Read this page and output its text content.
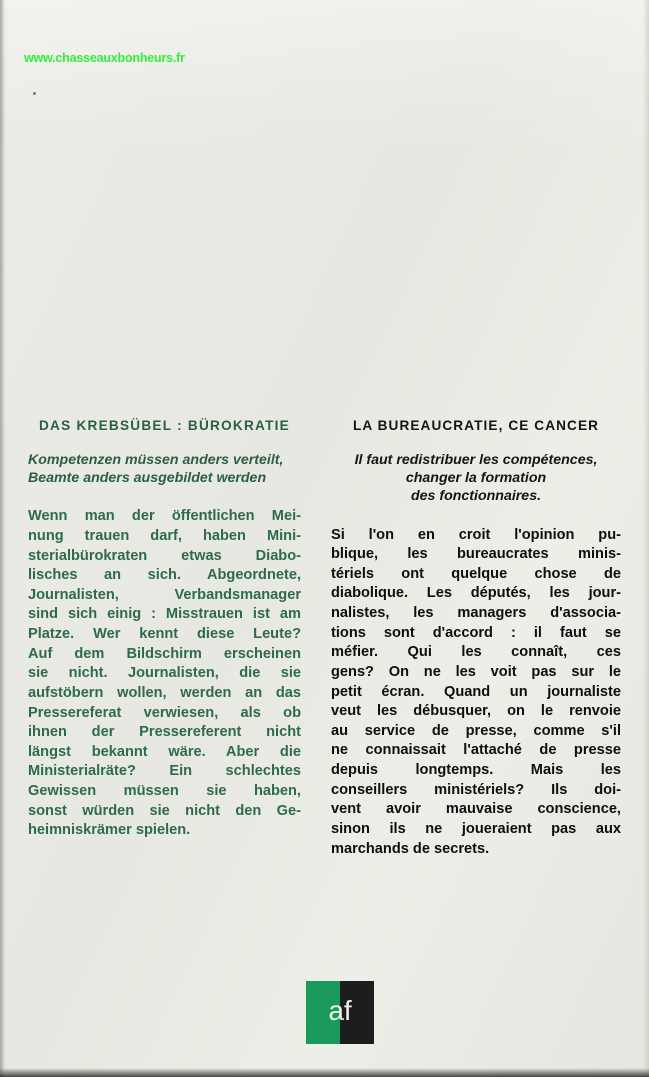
www.chasseauxbonheurs.fr
DAS KREBSÜBEL : BÜROKRATIE
Kompetenzen müssen anders verteilt,
Beamte anders ausgebildet werden

Wenn man der öffentlichen Mei-
nung trauen darf, haben Mini-
sterialbürokraten etwas Diabo-
lisches an sich. Abgeordnete,
Journalisten, Verbandsmanager
sind sich einig : Misstrauen ist am
Platze. Wer kennt diese Leute?
Auf dem Bildschirm erscheinen
sie nicht. Journalisten, die sie
aufstöbern wollen, werden an das
Pressereferat verwiesen, als ob
ihnen der Pressereferent nicht
längst bekannt wäre. Aber die
Ministerialräte? Ein schlechtes
Gewissen müssen sie haben,
sonst würden sie nicht den Ge-
heimniskrämer spielen.

LA BUREAUCRATIE, CE CANCER
Il faut redistribuer les compétences,
changer la formation
des fonctionnaires.

Si l'on en croit l'opinion pu-
blique, les bureaucrates minis-
tériels ont quelque chose de
diabolique. Les députés, les jour-
nalistes, les managers d'associa-
tions sont d'accord : il faut se
méfier. Qui les connaît, ces
gens? On ne les voit pas sur le
petit écran. Quand un journaliste
veut les débusquer, on le renvoie
au service de presse, comme s'il
ne connaissait l'attaché de presse
depuis longtemps. Mais les
conseillers ministériels? Ils doi-
vent avoir mauvaise conscience,
sinon ils ne joueraient pas aux
marchands de secrets.

af
